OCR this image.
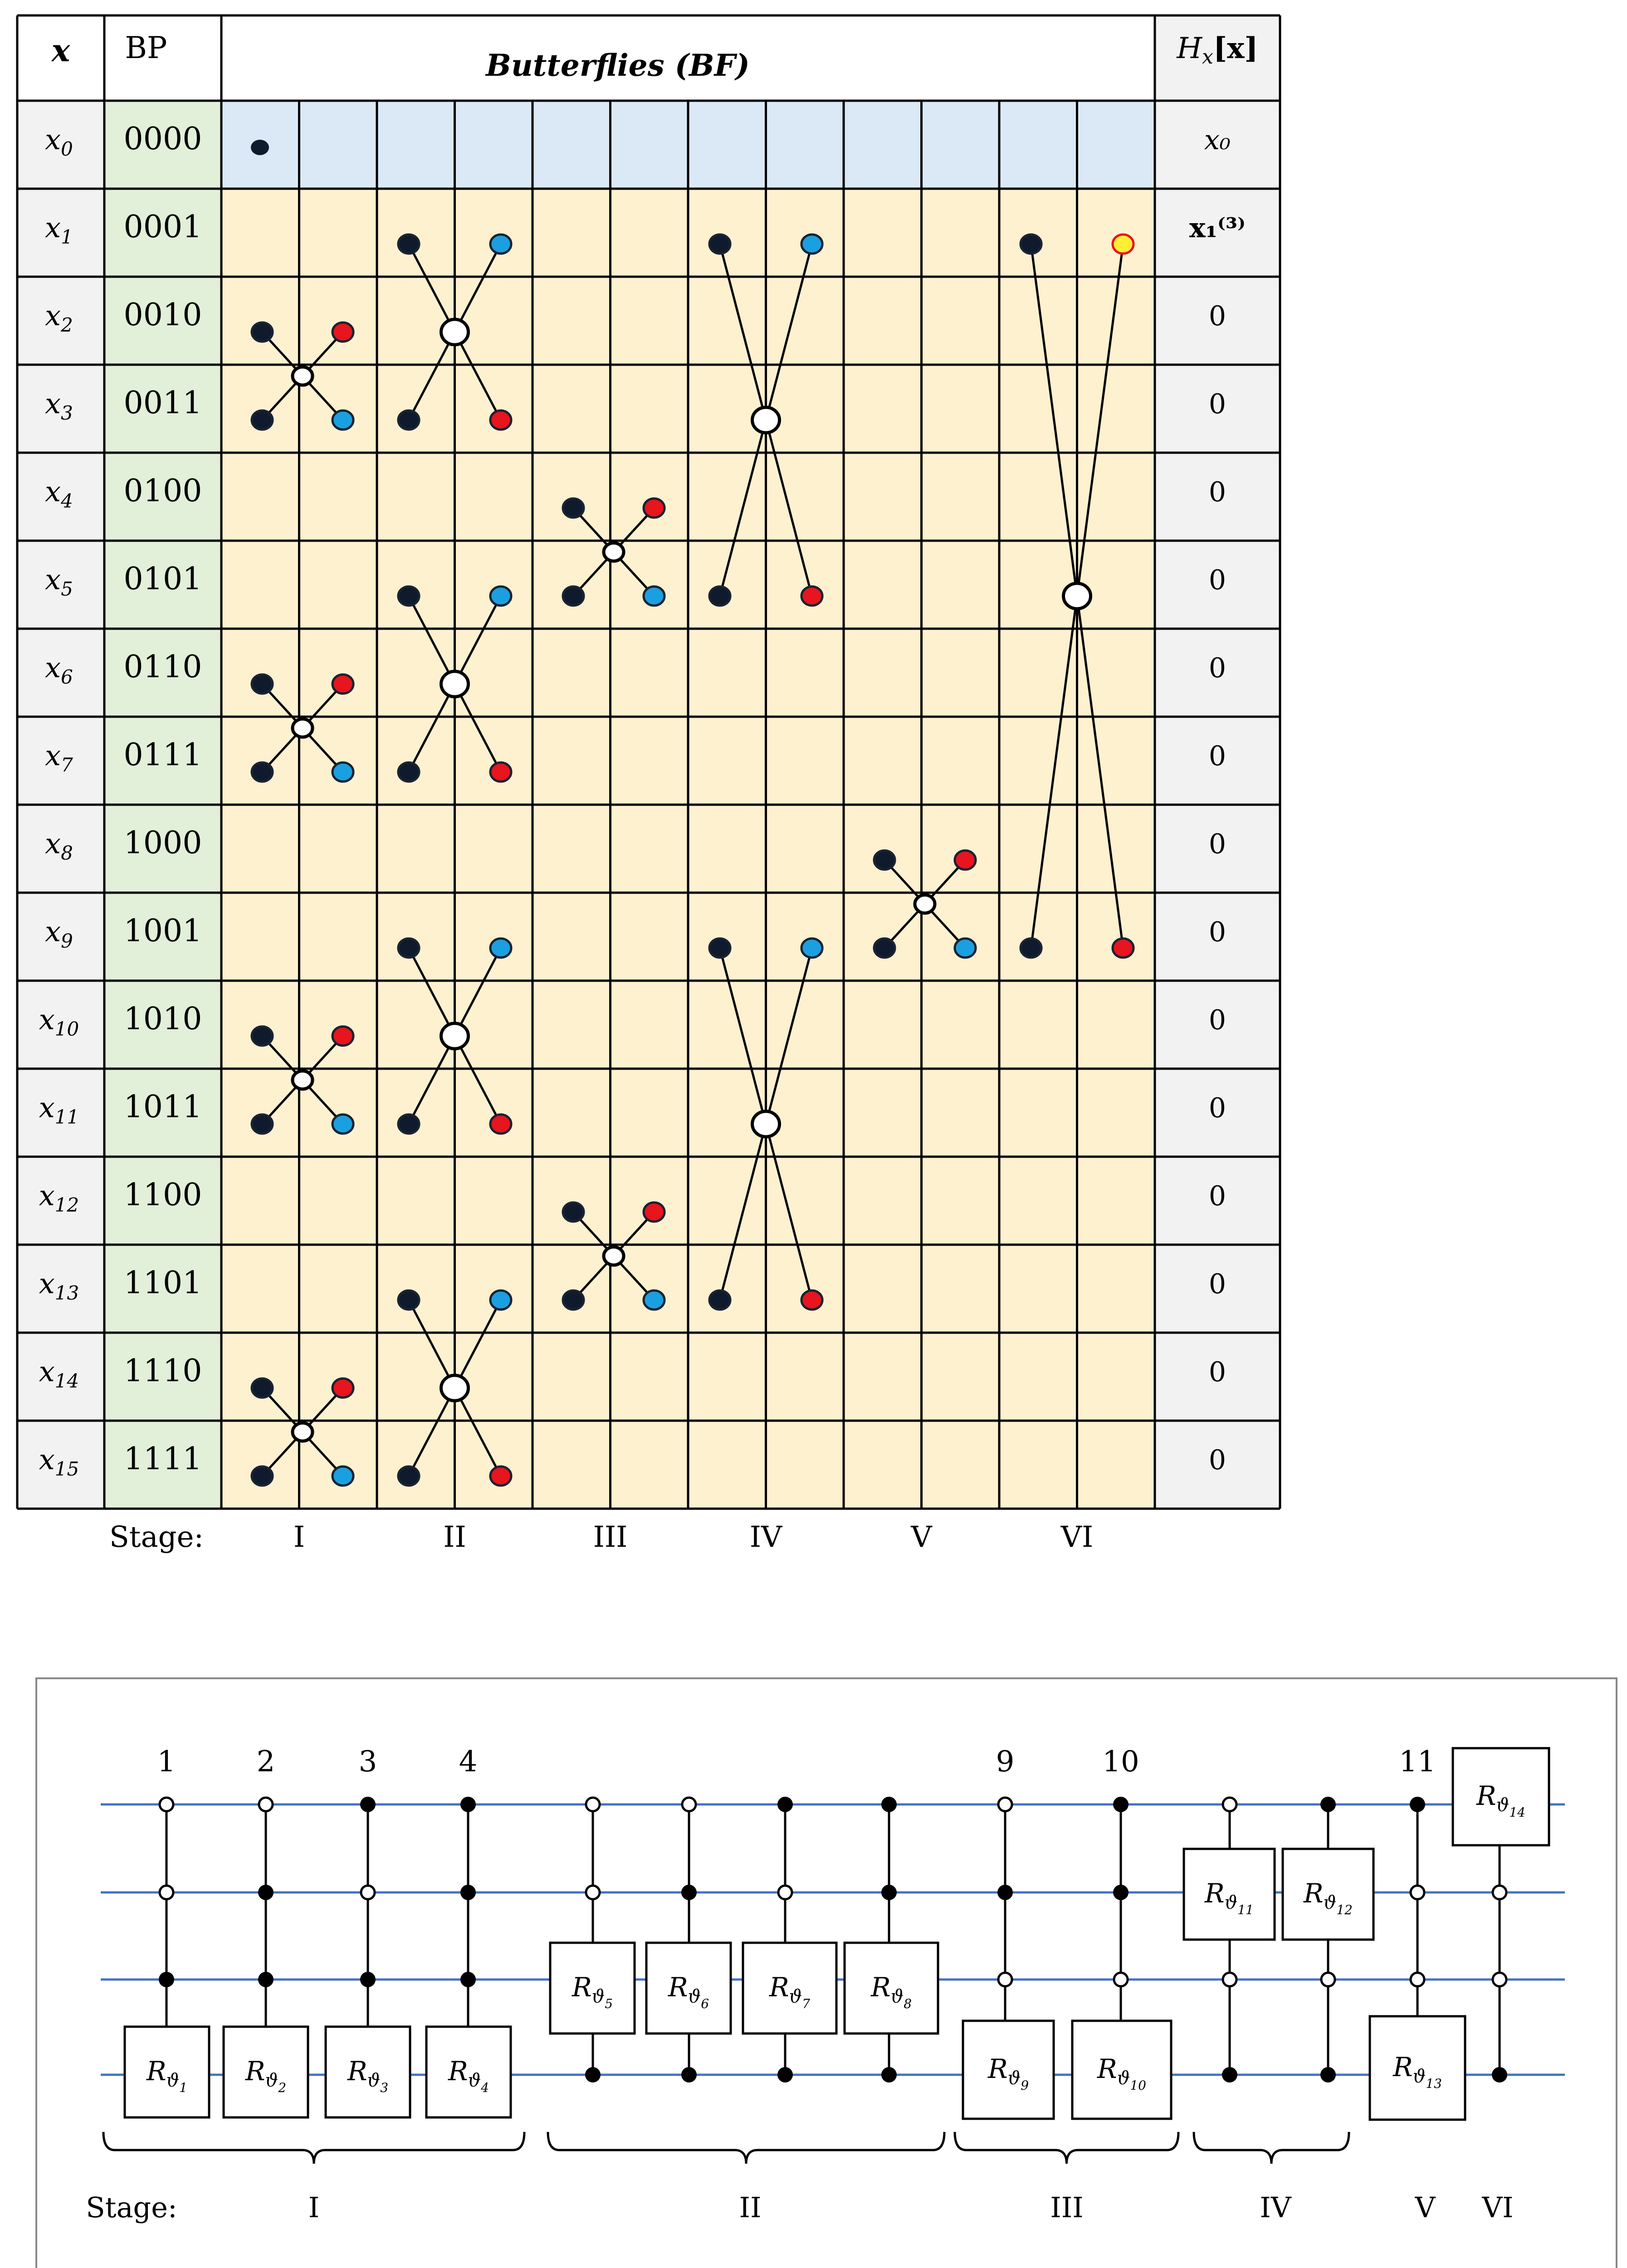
x BP	Butterflies (BF)	Hx[x]
$x_0$ 0000	x₀
$x_1$ 0001	x₁⁽³⁾
$x_2$ 0010	0
$x_3$ 0011	0
$x_4$ 0100	0
$x_5$ 0101	0
$x_6$ 0110	0
$x_7$ 0111	0
$x_8$ 1000	0
$x_9$ 1001	0
$x_{10}$ 1010	0
$x_{11}$ 1011	0
$x_{12}$ 1100	0
$x_{13}$ 1101	0
$x_{14}$ 1110	0
$x_{15}$ 1111	0
Stage:	I	II	III	IV	V	VI
$R_{ϑ1}$
$R_{ϑ2}$
$R_{ϑ3}$
$R_{ϑ4}$
$R_{ϑ5}$
$R_{ϑ6}$
$R_{ϑ7}$
$R_{ϑ8}$
$R_{ϑ9}$
$R_{ϑ10}$
$R_{ϑ11}$
$R_{ϑ12}$
$R_{ϑ13}$
$R_{ϑ14}$
1	2	3	4	9	10	11
Stage:	I	II	III	IV	V VI
